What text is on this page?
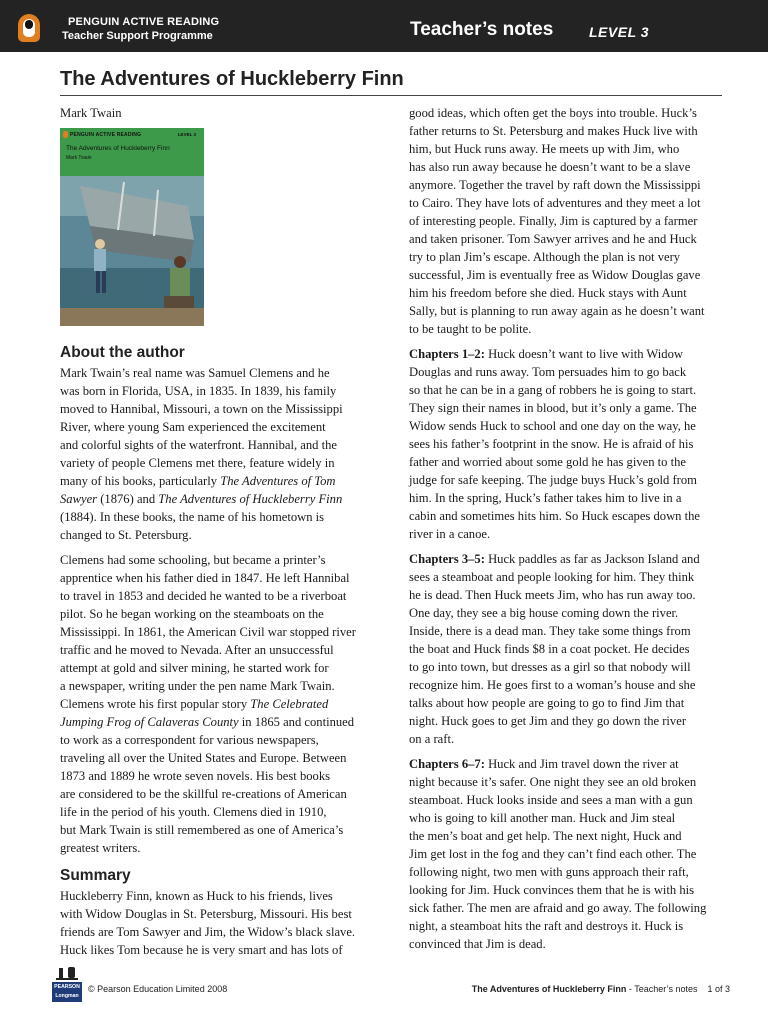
PENGUIN ACTIVE READING
Teacher Support Programme	Teacher’s notes	LEVEL 3
The Adventures of Huckleberry Finn
Mark Twain
PENGUIN ACTIVE READING	LEVEL 3
The Adventures of Huckleberry Finn
Mark Twain
About the author
Mark Twain’s real name was Samuel Clemens and he
was born in Florida, USA, in 1835. In 1839, his family
moved to Hannibal, Missouri, a town on the Mississippi
River, where young Sam experienced the excitement
and colorful sights of the waterfront. Hannibal, and the
variety of people Clemens met there, feature widely in
many of his books, particularly The Adventures of Tom
Sawyer (1876) and The Adventures of Huckleberry Finn
(1884). In these books, the name of his hometown is
changed to St. Petersburg.
Clemens had some schooling, but became a printer’s
apprentice when his father died in 1847. He left Hannibal
to travel in 1853 and decided he wanted to be a riverboat
pilot. So he began working on the steamboats on the
Mississippi. In 1861, the American Civil war stopped river
traffic and he moved to Nevada. After an unsuccessful
attempt at gold and silver mining, he started work for
a newspaper, writing under the pen name Mark Twain.
Clemens wrote his first popular story The Celebrated
Jumping Frog of Calaveras County in 1865 and continued
to work as a correspondent for various newspapers,
traveling all over the United States and Europe. Between
1873 and 1889 he wrote seven novels. His best books
are considered to be the skillful re-creations of American
life in the period of his youth. Clemens died in 1910,
but Mark Twain is still remembered as one of America’s
greatest writers.
Summary
Huckleberry Finn, known as Huck to his friends, lives
with Widow Douglas in St. Petersburg, Missouri. His best
friends are Tom Sawyer and Jim, the Widow’s black slave.
Huck likes Tom because he is very smart and has lots of
good ideas, which often get the boys into trouble. Huck’s
father returns to St. Petersburg and makes Huck live with
him, but Huck runs away. He meets up with Jim, who
has also run away because he doesn’t want to be a slave
anymore. Together the travel by raft down the Mississippi
to Cairo. They have lots of adventures and they meet a lot
of interesting people. Finally, Jim is captured by a farmer
and taken prisoner. Tom Sawyer arrives and he and Huck
try to plan Jim’s escape. Although the plan is not very
successful, Jim is eventually free as Widow Douglas gave
him his freedom before she died. Huck stays with Aunt
Sally, but is planning to run away again as he doesn’t want
to be taught to be polite.
Chapters 1–2: Huck doesn’t want to live with Widow
Douglas and runs away. Tom persuades him to go back
so that he can be in a gang of robbers he is going to start.
They sign their names in blood, but it’s only a game. The
Widow sends Huck to school and one day on the way, he
sees his father’s footprint in the snow. He is afraid of his
father and worried about some gold he has given to the
judge for safe keeping. The judge buys Huck’s gold from
him. In the spring, Huck’s father takes him to live in a
cabin and sometimes hits him. So Huck escapes down the
river in a canoe.
Chapters 3–5: Huck paddles as far as Jackson Island and
sees a steamboat and people looking for him. They think
he is dead. Then Huck meets Jim, who has run away too.
One day, they see a big house coming down the river.
Inside, there is a dead man. They take some things from
the boat and Huck finds $8 in a coat pocket. He decides
to go into town, but dresses as a girl so that nobody will
recognize him. He goes first to a woman’s house and she
talks about how people are going to go to find Jim that
night. Huck goes to get Jim and they go down the river
on a raft.
Chapters 6–7: Huck and Jim travel down the river at
night because it’s safer. One night they see an old broken
steamboat. Huck looks inside and sees a man with a gun
who is going to kill another man. Huck and Jim steal
the men’s boat and get help. The next night, Huck and
Jim get lost in the fog and they can’t find each other. The
following night, two men with guns approach their raft,
looking for Jim. Huck convinces them that he is with his
sick father. The men are afraid and go away. The following
night, a steamboat hits the raft and destroys it. Huck is
convinced that Jim is dead.
PEARSON
Longman
© Pearson Education Limited 2008	The Adventures of Huckleberry Finn - Teacher’s notes 1 of 3
